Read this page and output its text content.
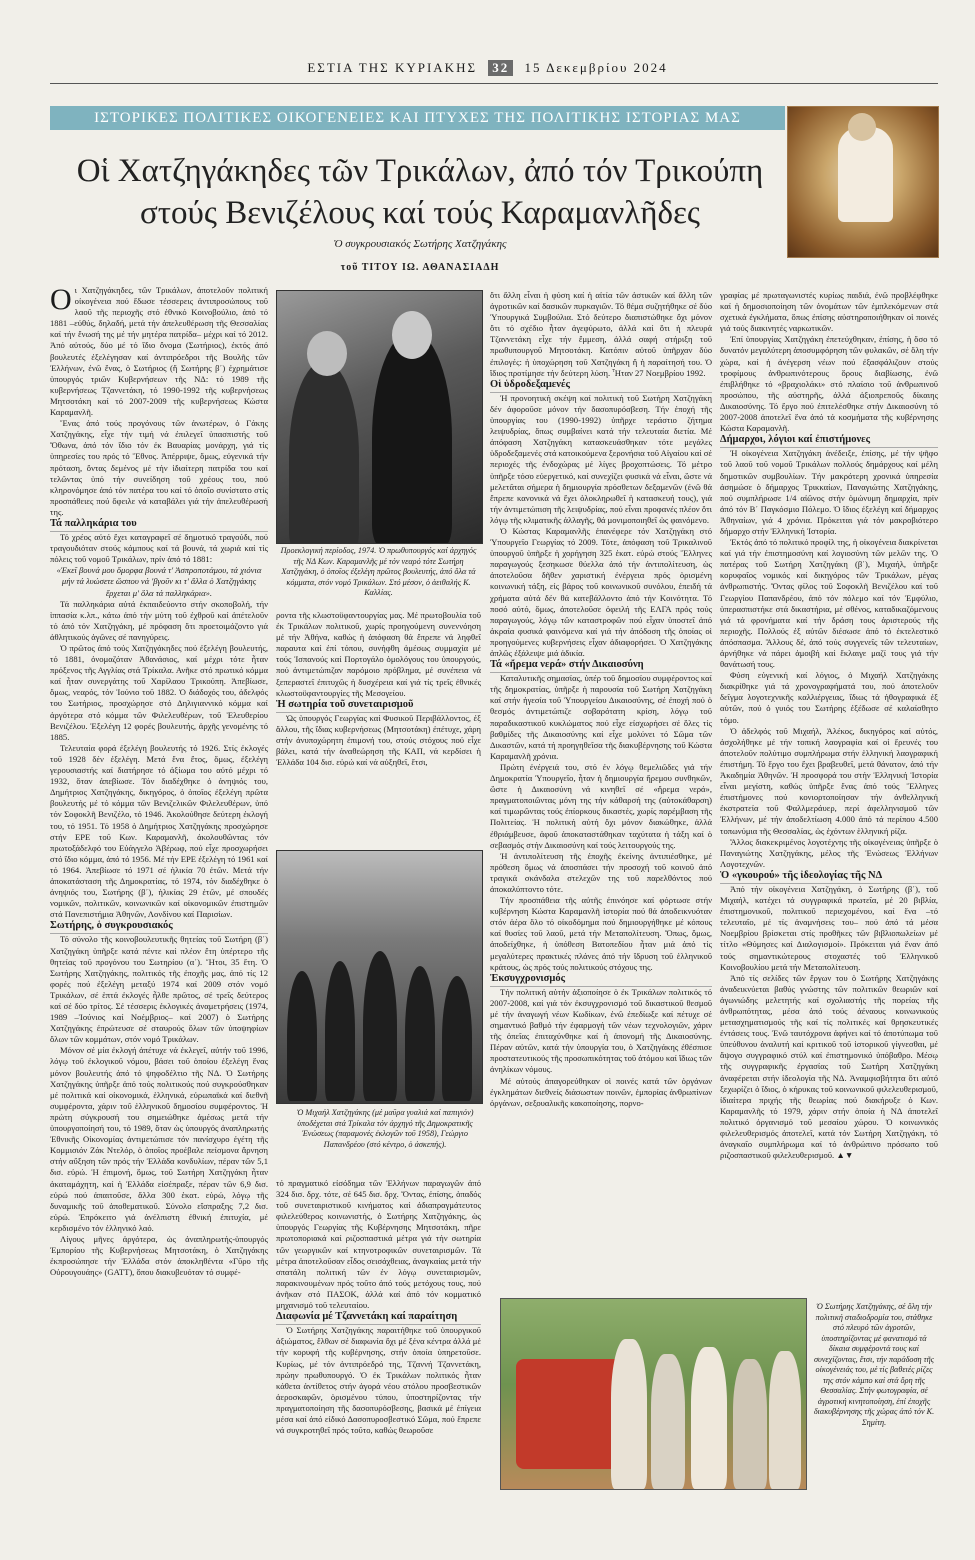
ΕΣΤΙΑ ΤΗΣ ΚΥΡΙΑΚΗΣ 32 15 Δεκεμβρίου 2024
ΙΣΤΟΡΙΚΕΣ ΠΟΛΙΤΙΚΕΣ ΟΙΚΟΓΕΝΕΙΕΣ ΚΑΙ ΠΤΥΧΕΣ ΤΗΣ ΠΟΛΙΤΙΚΗΣ ΙΣΤΟΡΙΑΣ ΜΑΣ
Οἱ Χατζηγάκηδες τῶν Τρικάλων, ἀπό τόν Τρικούπη στούς Βενιζέλους καί τούς Καραμανλῆδες
Ὁ συγκρουσιακός Σωτήρης Χατζηγάκης
τοῦ ΤΙΤΟΥ ΙΩ. ΑΘΑΝΑΣΙΑΔΗ

Οι Χατζηγάκηδες, τῶν Τρικάλων, ἀποτελοῦν πολιτική οἰκογένεια πού ἔδωσε τέσσερεις ἀντιπροσώπους τοῦ λαοῦ τῆς περιοχῆς στό ἐθνικό Κοινοβούλιο, ἀπό τό 1881 –εὐθύς, δηλαδή, μετά τήν ἀπελευθέρωση τῆς Θεσσαλίας καί τήν ἕνωσή της μέ τήν μητέρα πατρίδα– μέχρι καί τό 2012. Ἀπό αὐτούς, δύο μέ τό ἴδιο ὄνομα (Σωτήριος), ἐκτός ἀπό βουλευτές ἐξελέγησαν καί ἀντιπρόεδροι τῆς Βουλῆς τῶν Ἑλλήνων, ἐνῶ ἕνας, ὁ Σωτήριος (ἤ Σωτήρης β΄) ἐχρημάτισε ὑπουργός τριῶν Κυβερνήσεων τῆς ΝΔ: τό 1989 τῆς κυβερνήσεως Τζαννετάκη, τό 1990-1992 τῆς κυβερνήσεως Μητσοτάκη καί τό 2007-2009 τῆς κυβερνήσεως Κώστα Καραμανλῆ.

Ἕνας ἀπό τούς προγόνους τῶν ἀνωτέρων, ὁ Γάκης Χατζηγάκης, εἶχε τήν τιμή νά ἐπιλεγεῖ ὑπασπιστής τοῦ Ὄθωνα, ἀπό τόν ἴδιο τόν ἐκ Βαυαρίας μονάρχη, γιά τίς ὑπηρεσίες του πρός τό Ἔθνος. Ἀπέρριψε, ὅμως, εὐγενικά τήν πρόταση, ὄντας δεμένος μέ τήν ἰδιαίτερη πατρίδα του καί τελῶντας ὑπό τήν συνείδηση τοῦ χρέους του, πού κληρονόμησε ἀπό τόν πατέρα του καί τό ὁποῖο συνίστατο στίς προσπάθειες πού ὄφειλε νά καταβάλει γιά τήν ἀπελευθέρωσή της.

Τά παλληκάρια του

Τό χρέος αὐτό ἔχει καταγραφεῖ σέ δημοτικό τραγούδι, πού τραγουδιόταν στούς κάμπους καί τά βουνά, τά χωριά καί τίς πόλεις τοῦ νομοῦ Τρικάλων, πρίν ἀπό τό 1881:

«Ἐκεῖ βουνά μου ὄμορφα βουνά τ' Ἀσπροποτάμου, τά χιόνια μήν τά λυώσετε ὥσπου νά 'βγοῦν κι τ' ἄλλα ὁ Χατζηγάκης ἔρχεται μ' ὅλα τά παλληκάρια».

Τά παλληκάρια αὐτά ἐκπαιδεύοντο στήν σκοποβολή, τήν ἱππασία κ.λπ., κάτω ἀπό τήν μύτη τοῦ ἐχθροῦ καί ἀπέτελοῦν τό ἀπό τόν Χατζηγάκη, μέ πρόφαση ὅτι προετοιμάζοντο γιά ἀθλητικούς ἀγῶνες σέ πανηγύρεις.

Ὁ πρῶτος ἀπό τούς Χατζηγάκηδες πού ἐξελέγη βουλευτής, τό 1881, ὀνομαζόταν Ἀθανάσιος, καί μέχρι τότε ἦταν πρόξενος τῆς Αγγλίας στά Τρίκαλα. Ανῆκε στό πρωτικό κόμμα καί ἦταν συνεργάτης τοῦ Χαρίλαου Τρικούπη. Ἀπεβίωσε, ὅμως, νεαρός, τόν Ἰούνιο τοῦ 1882. Ὁ διάδοχός του, ἀδελφός του Σωτήριος, προσχώρησε στό Δηλιγιαννικό κόμμα καί ἀργότερα στό κόμμα τῶν Φιλελευθέρων, τοῦ Ἐλευθερίου Βενιζέλου. Ἐξελέγη 12 φορές βουλευτής, ἀρχῆς γενομένης τό 1885.

Τελευταία φορά ἐξελέγη βουλευτής τό 1926. Στίς ἐκλογές τοῦ 1928 δέν ἐξελέγη. Μετά ἕνα ἔτος, ὅμως, ἐξελέγη γερουσιαστής καί διατήρησε τό ἀξίωμα του αὐτό μέχρι τό 1932, ὅταν ἀπεβίωσε. Τόν διαδέχθηκε ὁ ἀνηψιός του, Δημήτριος Χατζηγάκης, δικηγόρος, ὁ ὁποῖος ἐξελέγη πρῶτα βουλευτής μέ τό κόμμα τῶν Βενιζελικῶν Φιλελευθέρων, ὑπό τόν Σοφοκλῆ Βενιζέλο, τό 1946. Ἀκολούθησε δεύτερη ἐκλογή του, τό 1951. Τό 1958 ὁ Δημήτριος Χατζηγάκης προσχώρησε στήν ΕΡΕ τοῦ Κων. Καραμανλῆ, ἀκολουθῶντας τόν πρωτοξάδελφό του Εὐάγγελο Ἀβέρωφ, πού εἶχε προσχωρήσει στό ἴδιο κόμμα, ἀπό τό 1956. Μέ τήν ΕΡΕ ἐξελέγη τό 1961 καί τό 1964. Ἀπεβίωσε τό 1971 σέ ἡλικία 70 ἐτῶν. Μετά τήν ἀποκατάσταση τῆς Δημοκρατίας, τό 1974, τόν διαδέχθηκε ὁ ἀνηψιός του, Σωτήρης (β΄), ἡλικίας 29 ἐτῶν, μέ σπουδές νομικῶν, πολιτικῶν, κοινωνικῶν καί οἰκονομικῶν ἐπιστημῶν στά Πανεπιστήμια Ἀθηνῶν, Λονδίνου καί Παρισίων.

Σωτήρης, ὁ συγκρουσιακός

Τό σύνολο τῆς κοινοβουλευτικῆς θητείας τοῦ Σωτήρη (β΄) Χατζηγάκη ὑπῆρξε κατά πέντε καί πλέον ἔτη ὑπέρτερο τῆς θητείας τοῦ προγόνου του Σωτηρίου (α΄). Ἤτοι, 35 ἔτη. Ὁ Σωτήρης Χατζηγάκης, πολιτικός τῆς ἐποχῆς μας, ἀπό τίς 12 φορές πού ἐξελέγη μεταξύ 1974 καί 2009 στόν νομό Τρικάλων, σέ ἑπτά ἐκλογές ἦλθε πρῶτος, σέ τρεῖς δεύτερος καί σέ δύο τρίτος. Σέ τέσσερις ἐκλογικές ἀναμετρήσεις (1974, 1989 –Ἰούνιος καί Νοέμβριος– καί 2007) ὁ Σωτήρης Χατζηγάκης ἐπρώτευσε σέ σταυρούς ὅλων τῶν ὑποψηφίων ὅλων τῶν κομμάτων, στόν νομό Τρικάλων.

Μόνον σέ μία ἐκλογή ἀπέτυχε νά ἐκλεγεῖ, αὐτήν τοῦ 1996, λόγῳ τοῦ ἐκλογικοῦ νόμου, βάσει τοῦ ὁποίου ἐξελέγη ἕνας μόνον βουλευτής ἀπό τό ψηφοδέλτιο τῆς ΝΔ. Ὁ Σωτήρης Χατζηγάκης ὑπῆρξε ἀπό τούς πολιτικούς πού συγκρούσθηκαν μέ πολιτικά καί οἰκονομικά, ἑλληνικά, εὐρωπαϊκά καί διεθνῆ συμφέροντα, χάριν τοῦ ἑλληνικοῦ δημοσίου συμφέροντος. Ἡ πρώτη σύγκρουσή του σημειώθηκε ἀμέσως μετά τήν ὑπουργοποίησή του, τό 1989, ὅταν ὡς ὑπουργός ἀναπληρωτής Ἐθνικῆς Οἰκονομίας ἀντιμετώπισε τόν πανίσχυρο ἐγέτη τῆς Κομμισιόν Ζάκ Ντελόρ, ὁ ὁποῖος προέβαλε πείσμονα ἄρνηση στήν αὔξηση τῶν πρός τήν Ἑλλάδα κονδυλίων, πέραν τῶν 5,1 δισ. εὐρώ. Ἡ ἐπιμονή, ὅμως, τοῦ Σωτήρη Χατζηγάκη ἦταν ἀκαταμάχητη, καί ἡ Ἑλλάδα εἰσέπραξε, πέραν τῶν 6,9 δισ. εὐρώ πού ἀπαιτοῦσε, ἄλλα 300 ἑκατ. εὐρώ, λόγῳ τῆς δυναμικῆς τοῦ ἀποθεματικοῦ. Σύνολο εἴσπραξης 7,2 δισ. εὐρώ. Ἐπρόκειτο γιά ἀνέλπιστη ἐθνική ἐπιτυχία, μέ κερδισμένο τόν ἑλληνικό λαό.

Λίγους μῆνες ἀργότερα, ὡς ἀναπληρωτής-ὑπουργός Ἐμπορίου τῆς Κυβερνήσεως Μητσοτάκη, ὁ Χατζηγάκης ἐκπροσώπησε τήν Ἑλλάδα στόν ἀποκληθέντα «Γῦρο τῆς Οὐρουγουάης» (GATT), ὅπου διακυβευόταν τό συμφέ-

Προεκλογική περίοδος, 1974. Ὁ πρωθυπουργός καί ἀρχηγός τῆς ΝΔ Κων. Καραμανλῆς μέ τόν νεαρό τότε Σωτήρη Χατζηγάκη, ὁ ὁποῖος ἐξελέγη πρῶτος βουλευτής, ἀπό ὅλα τά κόμματα, στόν νομό Τρικάλων. Στό μέσον, ὁ ἀειθαλής Κ. Καλλίας.

ροντα τῆς κλωστοϋφαντουργίας μας. Μέ πρωτοβουλία τοῦ ἐκ Τρικάλων πολιτικοῦ, χωρίς προηγούμενη συνεννόηση μέ τήν Ἀθήνα, καθώς ἡ ἀπόφαση θά ἔπρεπε νά ληφθεῖ παραυτα καί ἐπί τόπου, συνήφθη ἀμέσως συμμαχία μέ τούς Ἰσπανούς καί Πορτογάλο ὁμολόγους του ὑπουργούς, πού ἀντιμετώπιζαν παρόμοιο πρόβλημα, μέ συνέπεια νά ξεπεραστεῖ ἐπιτυχῶς ἡ δυσχέρεια καί γιά τίς τρεῖς ἐθνικές κλωστοϋφαντουργίες τῆς Μεσογείου.

Ἡ σωτηρία τοῦ συνεταιρισμοῦ

Ὡς ὑπουργός Γεωργίας καί Φυσικοῦ Περιβάλλοντος, ἐξ ἄλλου, τῆς ἴδιας κυβερνήσεως (Μητσοτάκη) ἐπέτυχε, χάρη στήν ἀνυποχώρητη ἐπιμονή του, στούς στόχους πού εἶχε βάλει, κατά τήν ἀναθεώρηση τῆς ΚΑΠ, νά κερδίσει ἡ Ἑλλάδα 104 δισ. εὐρώ καί νά αὐξηθεῖ, ἔτσι,

Ὁ Μιχαήλ Χατζηγάκης (μέ μαῦρα γυαλιά καί παπιγιόν) ὑποδέχεται στά Τρίκαλα τόν ἀρχηγό τῆς Δημοκρατικῆς Ἑνώσεως (παραμονές ἐκλογῶν τοῦ 1958), Γεώργιο Παπανδρέου (στό κέντρο, ὁ ἀσκεπής).

τό πραγματικό εἰσόδημα τῶν Ἑλλήνων παραγωγῶν ἀπό 324 δισ. δρχ. τότε, σέ 645 δισ. δρχ. Ὄντας, ἐπίσης, ὁπαδός τοῦ συνεταιριστικοῦ κινήματος καί ἀδιαπραγμάτευτος φιλελεύθερος κοινωνιστής, ὁ Σωτήρης Χατζηγάκης, ὡς ὑπουργός Γεωργίας τῆς Κυβέρνησης Μητσοτάκη, πῆρε πρωτοποριακά καί ριζοσπαστικά μέτρα γιά τήν σωτηρία τῶν γεωργικῶν καί κτηνοτροφικῶν συνεταιρισμῶν. Τά μέτρα ἀποτελοῦσαν εἶδος σεισάχθειας, ἀναγκαίας μετά τήν σπατάλη πολιτική τῶν ἐν λόγῳ συνεταιρισμῶν, παρακινουμένων πρός τοῦτο ἀπό τούς μετόχους τους, πού ἀνῆκαν στό ΠΑΣΟΚ, ἀλλά καί ἀπό τόν κομματικό μηχανισμό τοῦ τελευταίου.

Διαφωνία μέ Τζαννετάκη καί παραίτηση

Ὁ Σωτήρης Χατζηγάκης παραιτήθηκε τοῦ ὑπουργικοῦ ἀξιώματος, ἔλθων σέ διαφωνία ὄχι μέ ξένα κέντρα ἀλλά μέ τήν κορυφή τῆς κυβέρνησης, στήν ὁποία ὑπηρετοῦσε. Κυρίως, μέ τόν ἀντιπρόεδρό της, Τζαννή Τζαννετάκη, πρώην πρωθυπουργό. Ὁ ἐκ Τρικάλων πολιτικός ἦταν κάθετα ἀντίθετος στήν ἀγορά νέου στόλου προσβεστικῶν ἀεροσκαφῶν, ὁρισμένου τύπου, ὑποστηρίζοντας τήν πραγματοποίηση τῆς δασοπυρόσβεσης, βασικά μέ ἐπίγεια μέσα καί ἀπό εἰδικό Δασοπυροσβεστικό Σῶμα, πού ἔπρεπε νά συγκροτηθεῖ πρός τοῦτο, καθώς θεωροῦσε

ὅτι ἄλλη εἶναι ἡ φύση καί ἡ αἰτία τῶν ἀστικῶν καί ἄλλη τῶν ἀγροτικῶν καί δασικῶν πυρκαγιῶν. Τό θέμα συζητήθηκε σέ δύο Ὑπουργικά Συμβούλια. Στό δεύτερο διαπιστώθηκε ὄχι μόνον ὅτι τό σχέδιο ἦταν ἀγεφύρωτο, ἀλλά καί ὅτι ἡ πλευρά Τζαννετάκη εἶχε τήν ἔμμεση, ἀλλά σαφή στήριξη τοῦ πρωθυπουργοῦ Μητσοτάκη. Κατόπιν αὐτοῦ ὑπῆρχαν δύο ἐπιλογές: ἡ ὑποχώρηση τοῦ Χατζηγάκη ἤ ἡ παραίτησή του. Ὁ ἴδιος προτίμησε τήν δεύτερη λύση. Ἦταν 27 Νοεμβρίου 1992.

Οἱ ὑδροδεξαμενές

Ἡ προνοητική σκέψη καί πολιτική τοῦ Σωτήρη Χατζηγάκη δέν ἀφοροῦσε μόνον τήν δασοπυρόσβεση. Τήν ἐποχή τῆς ὑπουργίας του (1990-1992) ὑπῆρχε τεράστιο ζήτημα λειψυδρίας, ὅπως συμβαίνει κατά τήν τελευταία διετία. Μέ ἀπόφαση Χατζηγάκη κατασκευάσθηκαν τότε μεγάλες ὑδροδεξαμενές στά κατοικούμενα ξερονήσια τοῦ Αἰγαίου καί σέ περιοχές τῆς ἐνδοχώρας μέ λίγες βροχοπτώσεις. Τό μέτρο ὑπῆρξε τόσο εὐεργετικό, καί συνεχίζει φυσικά νά εἶναι, ὥστε νά μελετᾶται σήμερα ἡ δημιουργία πρόσθετων δεξαμενῶν (ἐνῶ θά ἔπρεπε κανονικά νά ἔχει ὁλοκληρωθεῖ ἡ κατασκευή τους), γιά τήν ἀντιμετώπιση τῆς λειψυδρίας, πού εἶναι προφανές πλέον ὅτι λόγῳ τῆς κλιματικῆς ἀλλαγῆς, θά μονιμοποιηθεῖ ὡς φαινόμενο.

Ὁ Κώστας Καραμανλῆς ἐπανέφερε τόν Χατζηγάκη στό Ὑπουργεῖο Γεωργίας τό 2009. Τότε, ἀπόφαση τοῦ Τρικαλινοῦ ὑπουργοῦ ὑπῆρξε ἡ χορήγηση 325 ἑκατ. εὐρώ στούς Ἕλληνες παραγωγούς ξεσηκωσε θύελλα ἀπό τήν ἀντιπολίτευση, ὡς ἀποτελοῦσα δῆθεν χαριστική ἐνέργεια πρός ὁρισμένη κοινωνική τάξη, εἰς βάρος τοῦ κοινωνικοῦ συνόλου, ἐπειδή τά χρήματα αὐτά δέν θά κατεβάλλοντο ἀπό τήν Κοινότητα. Τό ποσό αὐτό, ὅμως, ἀποτελοῦσε ὀφειλή τῆς ΕΛΓΑ πρός τούς παραγωγούς, λόγῳ τῶν καταστροφῶν πού εἶχαν ὑποστεῖ ἀπό ἀκραία φυσικά φαινόμενα καί γιά τήν ἀπόδοση τῆς ὁποίας οἱ προηγούμενες κυβερνήσεις εἶχαν ἀδιαφορήσει. Ὁ Χατζηγάκης ἁπλῶς ἐξάλειψε μιά ἀδικία.

Τά «ἤρεμα νερά» στήν Δικαιοσύνη

Καταλυτικῆς σημασίας, ὑπέρ τοῦ δημοσίου συμφέροντος καί τῆς δημοκρατίας, ὑπῆρξε ἡ παρουσία τοῦ Σωτήρη Χατζηγάκη καί στήν ἡγεσία τοῦ Ὑπουργείου Δικαιοσύνης, σέ ἐποχή πού ὁ θεσμός ἀντιμετώπιζε σοβαρότατη κρίση, λόγῳ τοῦ παραδικαστικοῦ κυκλώματος πού εἶχε εἰσχωρήσει σέ ὅλες τίς βαθμίδες τῆς Δικαιοσύνης καί εἶχε μολύνει τό Σῶμα τῶν Δικαστῶν, κατά τή προηγηθεῖσα τῆς διακυβέρνησης τοῦ Κώστα Καραμανλῆ χρόνια.

Πρώτη ἐνέργειά του, στό ἐν λόγῳ θεμελιῶδες γιά τήν Δημοκρατία Ὑπουργεῖο, ἦταν ἡ δημιουργία ἤρεμου συνθηκῶν, ὥστε ἡ Δικαιοσύνη νά κινηθεῖ σέ «ἤρεμα νερά», πραγματοποιῶντας μόνη της τήν κάθαρσή της (αὐτοκάθαρση) καί τιμωρῶντας τούς ἐπίορκους δικαστές, χωρίς παρέμβαση τῆς Πολιτείας. Ἡ πολιτική αὐτή ὄχι μόνον διακώθηκε, ἀλλά ἐθριάμβευσε, ἀφοῦ ἀποκαταστάθηκαν ταχύτατα ἡ τάξη καί ὁ σεβασμός στήν Δικαιοσύνη καί τούς λειτουργούς της.

Ἡ ἀντιπολίτευση τῆς ἐποχῆς ἐκείνης ἀντιπιέσθηκε, μέ πρόθεση ὅμως νά ἀποσπάσει τήν προσοχή τοῦ κοινοῦ ἀπό τραγικά σκάνδαλα στελεχῶν της τοῦ παρελθόντος πού ἀποκαλύπτοντο τότε.

Τήν προσπάθεια τῆς αὐτῆς ἐπινόησε καί φόρτωσε στήν κυβέρνηση Κώστα Καραμανλῆ ἱστορία πού θά ἀποδεικνυόταν στόν ἀέρα ὅλο τό οἰκοδόμημα πού δημιουργήθηκε μέ κόπους καί θυσίες τοῦ λαοῦ, μετά τήν Μεταπολίτευση. Ὅπως, ὅμως, ἀποδείχθηκε, ἡ ὑπόθεση Βατοπεδίου ἦταν μιά ἀπό τίς μεγαλύτερες πρακτικές πλάνες ἀπό τήν ἵδρυση τοῦ ἑλληνικοῦ κράτους, ὡς πρός τούς πολιτικούς στόχους της.

Ἐκσυγχρονισμός

Τήν πολιτική αὐτήν ἀξιοποίησε ὁ ἐκ Τρικάλων πολιτικός τό 2007-2008, καί γιά τόν ἐκσυγχρονισμό τοῦ δικαστικοῦ θεσμοῦ μέ τήν ἀναγωγή νέων Κωδίκων, ἐνῶ ἐπεδίωξε καί πέτυχε σέ σημαντικό βαθμό τήν ἐφαρμογή τῶν νέων τεχνολογιῶν, χάριν τῆς ὀπεῖας ἐπιταχύνθηκε καί ἡ ἀπονομή τῆς Δικαιοσύνης. Πέραν αὐτῶν, κατά τήν ὑπουργία του, ὁ Χατζηγάκης ἐθέσπισε προστατευτικούς τῆς προσωπικότητας τοῦ ἀτόμου καί ἴδιως τῶν ἀνηλίκων νόμους.

Μέ αὐτούς ἀπαγορεύθηκαν οἱ ποινές κατά τῶν ὁργάνων ἐγκλημάτων διεθνείς διάσωστων ποινῶν, ἐμπορίας ἀνθρωπίνων ὀργάνων, σεξουαλικῆς κακοποίησης, πορνο-

γραφίας μέ πρωταγωνιστές κυρίως παιδιά, ἐνῶ προβλέφθηκε καί ἡ δημοσιοποίηση τῶν ὀνομάτων τῶν ἐμπλεκόμενων στά σχετικά ἐγκλήματα, ὅπως ἐπίσης αὐστηροποιήθηκαν οἱ ποινές γιά τούς διακινητές ναρκωτικῶν.

Ἐπί ὑπουργίας Χατζηγάκη ἐπετεύχθηκαν, ἐπίσης, ἡ ὅσο τό δυνατόν μεγαλύτερη ἀποσυμφόρηση τῶν φυλακῶν, σέ ὅλη τήν χώρα, καί ἡ ἀνέγερση νέων πού ἐξασφάλιζουν στούς τροφίμους ἀνθρωπινότερους ὅρους διαβίωσης, ἐνῶ ἐπιβλήθηκε τό «βραχιολάκι» στό πλαίσιο τοῦ ἀνθρωπινοῦ προσώπου, τῆς αὐστηρῆς, ἀλλά ἀξιοπρεποῦς δίκαιης Δικαιοσύνης. Τό ἔργο πού ἐπιτελέσθηκε στήν Δικαιοσύνη τό 2007-2008 ἀποτελεῖ ἕνα ἀπό τά κοσμήματα τῆς κυβέρνησης Κώστα Καραμανλῆ.

Δήμαρχοι, λόγιοι καί ἐπιστήμονες

Ἡ οἰκογένεια Χατζηγάκη ἀνέδειξε, ἐπίσης, μέ τήν ψῆφο τοῦ λαοῦ τοῦ νομοῦ Τρικάλων πολλούς δημάρχους καί μέλη δημοτικῶν συμβουλίων. Τήν μακρότερη χρονικά ὑπηρεσία ἀσημώσε ὁ δήμαρχος Τρικκαίων, Παναγιώτης Χατζηγάκης, πού συμπλήρωσε 1/4 αἰῶνος στήν ὁμώνυμη δημαρχία, πρίν ἀπό τόν Β΄ Παγκόσμιο Πόλεμο. Ὁ ἴδιος ἐξελέγη καί δήμαρχος Ἀθηναίων, γιά 4 χρόνια. Πρόκειται γιά τόν μακροβιότερο δήμαρχο στήν Ἑλληνική Ἱστορία.

Ἐκτός ἀπό τό πολιτικό προφίλ της, ἡ οἰκογένεια διακρίνεται καί γιά τήν ἐπιστημοσύνη καί λογιοσύνη τῶν μελῶν της. Ὁ πατέρας τοῦ Σωτήρη Χατζηγάκη (β΄), Μιχαήλ, ὑπῆρξε κορυφαῖος νομικός καί δικηγόρος τῶν Τρικάλων, μέγας ἀνθρωπιστής. Ὄντας φίλος τοῦ Σοφοκλῆ Βενιζέλου καί τοῦ Γεωργίου Παπανδρέου, ἀπό τόν πόλεμο καί τόν Ἐμφύλιο, ὑπερασπιστήκε στά δικαστήρια, μέ σθένος, καταδικαζόμενους γιά τά φρονήματα καί τήν δράση τους ἀριστερούς τῆς περιοχῆς. Πολλούς ἐξ αὐτῶν διέσωσε ἀπό τό ἐκτελεστικό ἀπόσπασμα. Ἄλλους δέ, ἀπό τούς συγγενεῖς τῶν τελευταίων, ἀρνήθηκε νά πάρει ἀμοιβή καί ἔκλαιγε μαζί τους γιά τήν θανάτωσή τους.

Φύση εὐγενική καί λόγιος, ὁ Μιχαήλ Χατζηγάκης διακρίθηκε γιά τά χρονογραφήματά του, πού ἀποτελοῦν δεῖγμα λογοτεχνικῆς καλλιέργειας, ἴδιως τά ἠθογραφικά ἐξ αὐτῶν, πού ὁ γυιός του Σωτήρης ἐξέδωσε σέ καλαίσθητο τόμο.

Ὁ ἀδελφός τοῦ Μιχαήλ, Ἀλέκος, δικηγόρος καί αὐτός, ἀσχολήθηκε μέ τήν τοπική λαογραφία καί οἱ ἔρευνές του ἀποτελοῦν πολύτιμο συμπλήρωμα στήν ἑλληνική λαογραφική ἐπιστήμη. Τό ἔργο του ἔχει βραβευθεῖ, μετά θάνατον, ἀπό τήν Ἀκαδημία Ἀθηνῶν. Ἡ προσφορά του στήν Ἑλληνική Ἱστορία εἶναι μεγίστη, καθώς ὑπῆρξε ἕνας ἀπό τούς Ἕλληνες ἐπιστήμονες πού κονιορτοποίησαν τήν ἀνθελληνική ἐκστρατεία τοῦ Φαλλμεράυερ, περί ἀφελληνισμοῦ τῶν Ἑλλήνων, μέ τήν ἀποδελτίωση 4.000 ἀπό τά περίπου 4.500 τοπωνύμια τῆς Θεσσαλίας, ὡς ἐχόντων ἑλληνική ρίζα.

Ἄλλος διακεκριμένος λογοτέχνης τῆς οἰκογένειας ὑπῆρξε ὁ Παναγιώτης Χατζηγάκης, μέλος τῆς Ἑνώσεως Ἑλλήνων Λογοτεχνῶν.

Ὁ «γκουρού» τῆς ἰδεολογίας τῆς ΝΔ

Ἀπό τήν οἰκογένεια Χατζηγάκη, ὁ Σωτήρης (β΄), τοῦ Μιχαήλ, κατέχει τά συγγραφικά πρωτεῖα, μέ 20 βιβλία, ἐπιστημονικοῦ, πολιτικοῦ περιεχομένου, καί ἕνα –τό τελευταῖο, μέ τίς ἀναμνήσεις του– πού ἀπό τά μέσα Νοεμβρίου βρίσκεται στίς προθῆκες τῶν βιβλιοπωλείων μέ τίτλο «Θύμησες καί Διαλογισμοί». Πρόκειται γιά ἕναν ἀπό τούς σημαντικώτερους στοχαστές τοῦ Ἑλληνικοῦ Κοινοβουλίου μετά τήν Μεταπολίτευση.

Ἀπό τίς σελίδες τῶν ἔργων του ὁ Σωτήρης Χατζηγάκης ἀναδεικνύεται βαθύς γνώστης τῶν πολιτικῶν θεωριῶν καί ἀγωνιώδης μελετητής καί σχολιαστής τῆς πορείας τῆς ἀνθρωπότητας, μέσα ἀπό τούς ἀέναους κοινωνικούς μετασχηματισμούς τῆς καί τίς πολιτικές καί θρησκευτικές ἐντάσεις τους. Ἐνῶ ταυτόχρονα ἀφήνει καί τό ἀποτύπωμα τοῦ ὑπεύθυνου ἀναλυτή καί κριτικοῦ τοῦ ἱστορικοῦ γίγνεσθαι, μέ ἄψογο συγγραφικό στύλ καί ἐπιστημονικό ὑπόβαθρο. Μέσῳ τῆς συγγραφικῆς ἐργασίας τοῦ Σωτήρη Χατζηγάκη ἀναφέρεται στήν ἰδεολογία τῆς ΝΔ. Ἀναμφισβήτητα ὅτι αὐτό ξεχωρίζει ὁ ἴδιος, ὁ κήρυκας τοῦ κοινωνικοῦ φιλελευθερισμοῦ, ἰδιαίτερα πριχής τῆς θεωρίας πού διακήρυξε ὁ Κων. Καραμανλῆς τό 1979, χάριν στήν ὁποία ἡ ΝΔ ἀποτελεῖ πολιτικό ὀργανισμό τοῦ μεσαίου χώρου. Ὁ κοινωνικός φιλελευθερισμός ἀποτελεῖ, κατά τόν Σωτήρη Χατζηγάκη, τό ἀναγκαῖο συμπλήρωμα καί τό ἀνθρώπινο πρόσωπο τοῦ ριζοσπαστικοῦ φιλελευθερισμοῦ. ▲▼

Ὁ Σωτήρης Χατζηγάκης, σέ ὅλη τήν πολιτική σταδιοδρομία του, στάθηκε στό πλευρό τῶν ἀγροτῶν, ὑποστηρίζοντας μέ φανατισμό τά δίκαια συμφέροντά τους καί συνεχίζοντας, ἔτσι, τήν παράδοση τῆς οἰκογένειάς του, μέ τίς βαθειές ρίζες της στόν κάμπο καί στά ὄρη τῆς Θεσσαλίας. Στήν φωτογραφία, σέ ἀγροτική κινητοποίηση, ἐπί ἐποχῆς διακυβέρνησης τῆς χώρας ἀπό τόν Κ. Σημίτη.
